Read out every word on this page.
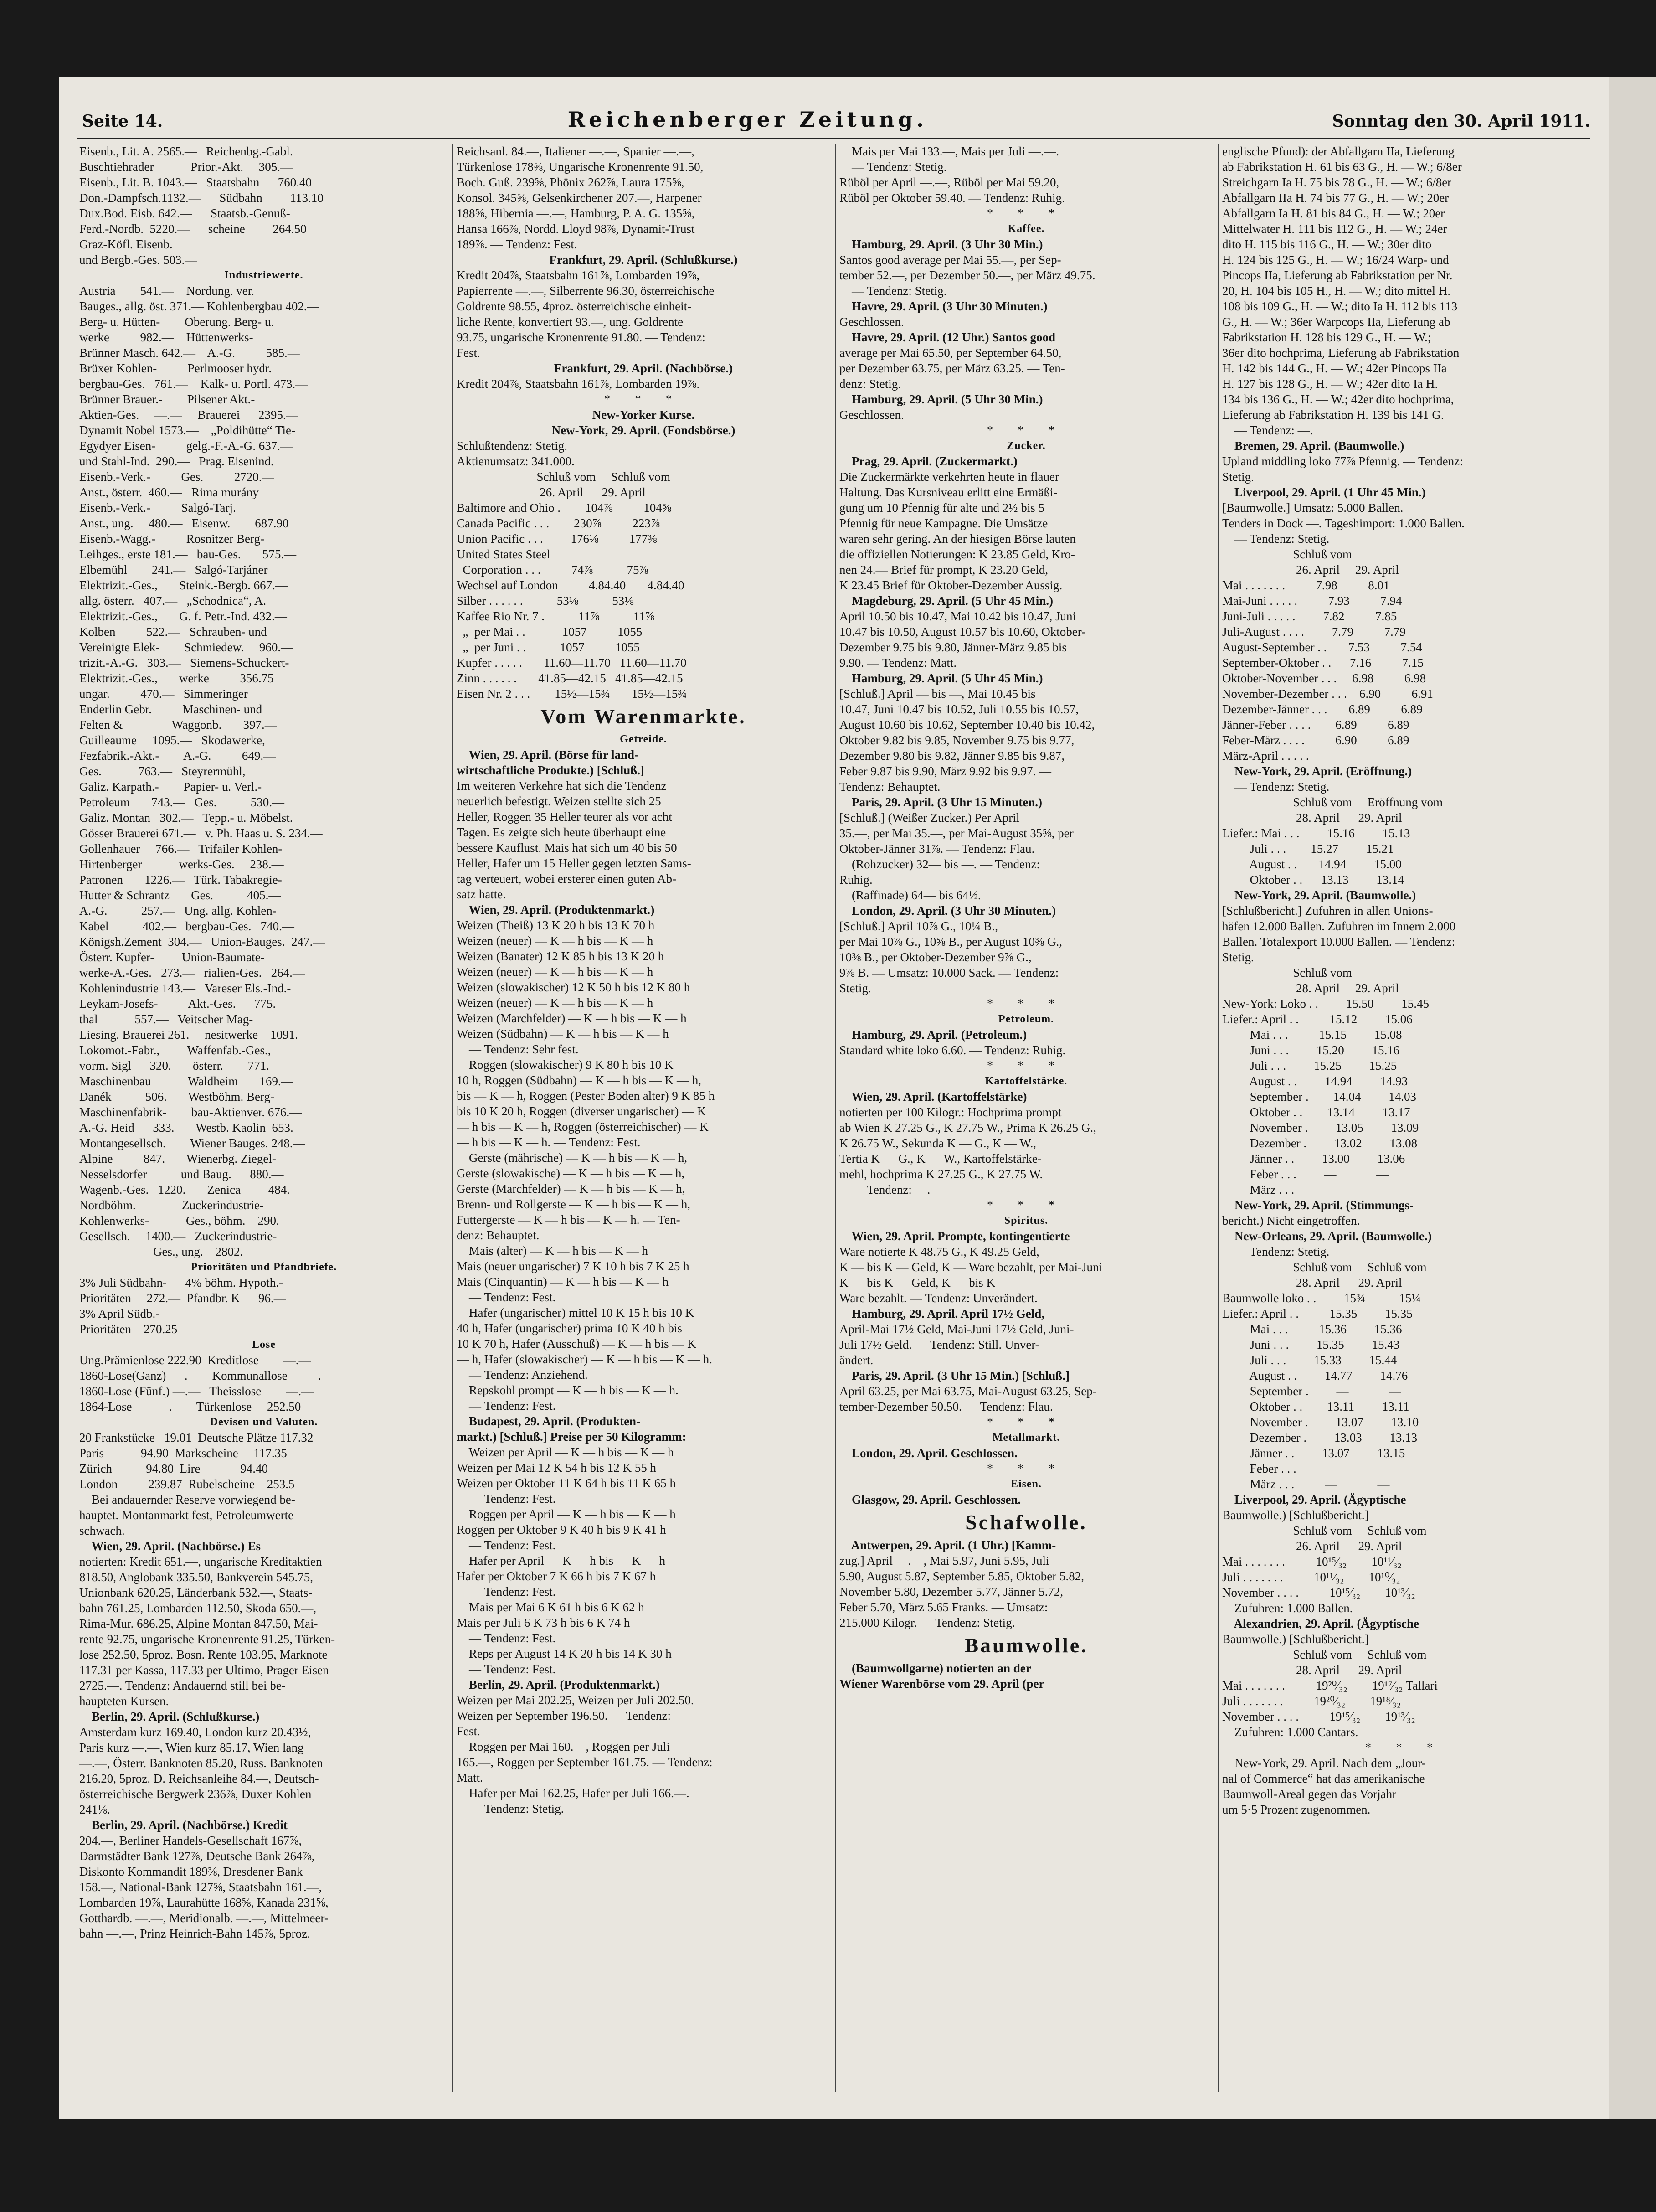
Seite 14.	Reichenberger Zeitung.	Sonntag den 30. April 1911.
Eisenb., Lit. A. 2565.—   Reichenbg.-Gabl.
Buschtiehrader            Prior.-Akt.     305.—
Eisenb., Lit. B. 1043.—   Staatsbahn      760.40
Don.-Dampfsch.1132.—      Südbahn         113.10
Dux.Bod. Eisb. 642.—      Staatsb.-Genuß-
Ferd.-Nordb.  5220.—      scheine         264.50
Graz-Köfl. Eisenb.
und Bergb.-Ges. 503.—
Industriewerte.
Austria        541.—    Nordung. ver.
Bauges., allg. öst. 371.— Kohlenbergbau 402.—
Berg- u. Hütten-        Oberung. Berg- u.
werke          982.—    Hüttenwerks-
Brünner Masch. 642.—    A.-G.          585.—
Brüxer Kohlen-          Perlmooser hydr.
bergbau-Ges.   761.—    Kalk- u. Portl. 473.—
Brünner Brauer.-        Pilsener Akt.-
Aktien-Ges.     —.—     Brauerei      2395.—
Dynamit Nobel 1573.—    „Poldihütte“ Tie-
Egydyer Eisen-          gelg.-F.-A.-G. 637.—
und Stahl-Ind.  290.—   Prag. Eisenind.
Eisenb.-Verk.-          Ges.          2720.—
Anst., österr.  460.—   Rima murány
Eisenb.-Verk.-          Salgó-Tarj.
Anst., ung.     480.—   Eisenw.        687.90
Eisenb.-Wagg.-          Rosnitzer Berg-
Leihges., erste 181.—   bau-Ges.       575.—
Elbemühl        241.—   Salgó-Tarjáner
Elektrizit.-Ges.,       Steink.-Bergb. 667.—
allg. österr.   407.—   „Schodnica“, A.
Elektrizit.-Ges.,       G. f. Petr.-Ind. 432.—
Kolben          522.—   Schrauben- und
Vereinigte Elek-        Schmiedew.     960.—
trizit.-A.-G.   303.—   Siemens-Schuckert-
Elektrizit.-Ges.,       werke          356.75
ungar.          470.—   Simmeringer
Enderlin Gebr.          Maschinen- und
Felten &                Waggonb.       397.—
Guilleaume     1095.—   Skodawerke,
Fezfabrik.-Akt.-        A.-G.          649.—
Ges.            763.—   Steyrermühl,
Galiz. Karpath.-        Papier- u. Verl.-
Petroleum       743.—   Ges.           530.—
Galiz. Montan   302.—   Tepp.- u. Möbelst.
Gösser Brauerei 671.—   v. Ph. Haas u. S. 234.—
Gollenhauer     766.—   Trifailer Kohlen-
Hirtenberger            werks-Ges.     238.—
Patronen       1226.—   Türk. Tabakregie-
Hutter & Schrantz       Ges.           405.—
A.-G.           257.—   Ung. allg. Kohlen-
Kabel           402.—   bergbau-Ges.   740.—
Königsh.Zement  304.—   Union-Bauges.  247.—
Österr. Kupfer-         Union-Baumate-
werke-A.-Ges.   273.—   rialien-Ges.   264.—
Kohlenindustrie 143.—   Vareser Els.-Ind.-
Leykam-Josefs-          Akt.-Ges.      775.—
thal            557.—   Veitscher Mag-
Liesing. Brauerei 261.— nesitwerke    1091.—
Lokomot.-Fabr.,         Waffenfab.-Ges.,
vorm. Sigl      320.—   österr.        771.—
Maschinenbau            Waldheim       169.—
Danék           506.—   Westböhm. Berg-
Maschinenfabrik-        bau-Aktienver. 676.—
A.-G. Heid      333.—   Westb. Kaolin  653.—
Montangesellsch.        Wiener Bauges. 248.—
Alpine          847.—   Wienerbg. Ziegel-
Nesselsdorfer           und Baug.      880.—
Wagenb.-Ges.   1220.—   Zenica         484.—
Nordböhm.               Zuckerindustrie-
Kohlenwerks-            Ges., böhm.    290.—
Gesellsch.     1400.—   Zuckerindustrie-
Ges., ung.    2802.—
Prioritäten und Pfandbriefe.
3% Juli Südbahn-      4% böhm. Hypoth.-
Prioritäten     272.—  Pfandbr. K      96.—
3% April Südb.-
Prioritäten    270.25
Lose
Ung.Prämienlose 222.90  Kreditlose        —.—
1860-Lose(Ganz)  —.—    Kommunallose      —.—
1860-Lose (Fünf.) —.—   Theisslose        —.—
1864-Lose        —.—    Türkenlose     252.50
Devisen und Valuten.
20 Frankstücke   19.01  Deutsche Plätze 117.32
Paris            94.90  Markscheine     117.35
Zürich           94.80  Lire             94.40
London          239.87  Rubelscheine    253.5
Bei andauernder Reserve vorwiegend be-
hauptet. Montanmarkt fest, Petroleumwerte
schwach.
Wien, 29. April. (Nachbörse.) Es
notierten: Kredit 651.—, ungarische Kreditaktien
818.50, Anglobank 335.50, Bankverein 545.75,
Unionbank 620.25, Länderbank 532.—, Staats-
bahn 761.25, Lombarden 112.50, Skoda 650.—,
Rima-Mur. 686.25, Alpine Montan 847.50, Mai-
rente 92.75, ungarische Kronenrente 91.25, Türken-
lose 252.50, 5proz. Bosn. Rente 103.95, Marknote
117.31 per Kassa, 117.33 per Ultimo, Prager Eisen
2725.—. Tendenz: Andauernd still bei be-
haupteten Kursen.
Berlin, 29. April. (Schlußkurse.)
Amsterdam kurz 169.40, London kurz 20.43½,
Paris kurz —.—, Wien kurz 85.17, Wien lang
—.—, Österr. Banknoten 85.20, Russ. Banknoten
216.20, 5proz. D. Reichsanleihe 84.—, Deutsch-
österreichische Bergwerk 236⅞, Duxer Kohlen
241⅛.
Berlin, 29. April. (Nachbörse.) Kredit
204.—, Berliner Handels-Gesellschaft 167⅞,
Darmstädter Bank 127⅞, Deutsche Bank 264⅞,
Diskonto Kommandit 189⅜, Dresdener Bank
158.—, National-Bank 127⅝, Staatsbahn 161.—,
Lombarden 19⅞, Laurahütte 168⅝, Kanada 231⅝,
Gotthardb. —.—, Meridionalb. —.—, Mittelmeer-
bahn —.—, Prinz Heinrich-Bahn 145⅞, 5proz.
Reichsanl. 84.—, Italiener —.—, Spanier —.—,
Türkenlose 178⅝, Ungarische Kronenrente 91.50,
Boch. Guß. 239⅝, Phönix 262⅞, Laura 175⅝,
Konsol. 345⅝, Gelsenkirchener 207.—, Harpener
188⅝, Hibernia —.—, Hamburg, P. A. G. 135⅝,
Hansa 166⅞, Nordd. Lloyd 98⅞, Dynamit-Trust
189⅞. — Tendenz: Fest.
Frankfurt, 29. April. (Schlußkurse.)
Kredit 204⅞, Staatsbahn 161⅞, Lombarden 19⅞,
Papierrente —.—, Silberrente 96.30, österreichische
Goldrente 98.55, 4proz. österreichische einheit-
liche Rente, konvertiert 93.—, ung. Goldrente
93.75, ungarische Kronenrente 91.80. — Tendenz:
Fest.
Frankfurt, 29. April. (Nachbörse.)
Kredit 204⅞, Staatsbahn 161⅞, Lombarden 19⅞.
* * *
New-Yorker Kurse.
New-York, 29. April. (Fondsbörse.)
Schlußtendenz: Stetig.
Aktienumsatz: 341.000.
Schluß vom     Schluß vom
26. April      29. April
Baltimore and Ohio .        104⅞          104⅝
Canada Pacific . . .        230⅞          223⅞
Union Pacific . . .         176⅛          177⅜
United States Steel
Corporation . . .          74⅞           75⅞
Wechsel auf London          4.84.40       4.84.40
Silber . . . . . .           53⅛           53⅛
Kaffee Rio Nr. 7 .           11⅞           11⅞
„  per Mai . .            1057          1055
„  per Juni . .           1057          1055
Kupfer . . . . .       11.60—11.70   11.60—11.70
Zinn . . . . . .       41.85—42.15   41.85—42.15
Eisen Nr. 2 . . .        15½—15¾       15½—15¾
Vom Warenmarkte.
Getreide.
Wien, 29. April. (Börse für land-
wirtschaftliche Produkte.) [Schluß.]
Im weiteren Verkehre hat sich die Tendenz
neuerlich befestigt. Weizen stellte sich 25
Heller, Roggen 35 Heller teurer als vor acht
Tagen. Es zeigte sich heute überhaupt eine
bessere Kauflust. Mais hat sich um 40 bis 50
Heller, Hafer um 15 Heller gegen letzten Sams-
tag verteuert, wobei ersterer einen guten Ab-
satz hatte.
Wien, 29. April. (Produktenmarkt.)
Weizen (Theiß) 13 K 20 h bis 13 K 70 h
Weizen (neuer) — K — h bis — K — h
Weizen (Banater) 12 K 85 h bis 13 K 20 h
Weizen (neuer) — K — h bis — K — h
Weizen (slowakischer) 12 K 50 h bis 12 K 80 h
Weizen (neuer) — K — h bis — K — h
Weizen (Marchfelder) — K — h bis — K — h
Weizen (Südbahn) — K — h bis — K — h
— Tendenz: Sehr fest.
Roggen (slowakischer) 9 K 80 h bis 10 K
10 h, Roggen (Südbahn) — K — h bis — K — h,
bis — K — h, Roggen (Pester Boden alter) 9 K 85 h
bis 10 K 20 h, Roggen (diverser ungarischer) — K
— h bis — K — h, Roggen (österreichischer) — K
— h bis — K — h. — Tendenz: Fest.
Gerste (mährische) — K — h bis — K — h,
Gerste (slowakische) — K — h bis — K — h,
Gerste (Marchfelder) — K — h bis — K — h,
Brenn- und Rollgerste — K — h bis — K — h,
Futtergerste — K — h bis — K — h. — Ten-
denz: Behauptet.
Mais (alter) — K — h bis — K — h
Mais (neuer ungarischer) 7 K 10 h bis 7 K 25 h
Mais (Cinquantin) — K — h bis — K — h
— Tendenz: Fest.
Hafer (ungarischer) mittel 10 K 15 h bis 10 K
40 h, Hafer (ungarischer) prima 10 K 40 h bis
10 K 70 h, Hafer (Ausschuß) — K — h bis — K
— h, Hafer (slowakischer) — K — h bis — K — h.
— Tendenz: Anziehend.
Repskohl prompt — K — h bis — K — h.
— Tendenz: Fest.
Budapest, 29. April. (Produkten-
markt.) [Schluß.] Preise per 50 Kilogramm:
Weizen per April — K — h bis — K — h
Weizen per Mai 12 K 54 h bis 12 K 55 h
Weizen per Oktober 11 K 64 h bis 11 K 65 h
— Tendenz: Fest.
Roggen per April — K — h bis — K — h
Roggen per Oktober 9 K 40 h bis 9 K 41 h
— Tendenz: Fest.
Hafer per April — K — h bis — K — h
Hafer per Oktober 7 K 66 h bis 7 K 67 h
— Tendenz: Fest.
Mais per Mai 6 K 61 h bis 6 K 62 h
Mais per Juli 6 K 73 h bis 6 K 74 h
— Tendenz: Fest.
Reps per August 14 K 20 h bis 14 K 30 h
— Tendenz: Fest.
Berlin, 29. April. (Produktenmarkt.)
Weizen per Mai 202.25, Weizen per Juli 202.50.
Weizen per September 196.50. — Tendenz:
Fest.
Roggen per Mai 160.—, Roggen per Juli
165.—, Roggen per September 161.75. — Tendenz:
Matt.
Hafer per Mai 162.25, Hafer per Juli 166.—.
— Tendenz: Stetig.
Mais per Mai 133.—, Mais per Juli —.—.
— Tendenz: Stetig.
Rüböl per April —.—, Rüböl per Mai 59.20,
Rüböl per Oktober 59.40. — Tendenz: Ruhig.
* * *
Kaffee.
Hamburg, 29. April. (3 Uhr 30 Min.)
Santos good average per Mai 55.—, per Sep-
tember 52.—, per Dezember 50.—, per März 49.75.
— Tendenz: Stetig.
Havre, 29. April. (3 Uhr 30 Minuten.)
Geschlossen.
Havre, 29. April. (12 Uhr.) Santos good
average per Mai 65.50, per September 64.50,
per Dezember 63.75, per März 63.25. — Ten-
denz: Stetig.
Hamburg, 29. April. (5 Uhr 30 Min.)
Geschlossen.
* * *
Zucker.
Prag, 29. April. (Zuckermarkt.)
Die Zuckermärkte verkehrten heute in flauer
Haltung. Das Kursniveau erlitt eine Ermäßi-
gung um 10 Pfennig für alte und 2½ bis 5
Pfennig für neue Kampagne. Die Umsätze
waren sehr gering. An der hiesigen Börse lauten
die offiziellen Notierungen: K 23.85 Geld, Kro-
nen 24.— Brief für prompt, K 23.20 Geld,
K 23.45 Brief für Oktober-Dezember Aussig.
Magdeburg, 29. April. (5 Uhr 45 Min.)
April 10.50 bis 10.47, Mai 10.42 bis 10.47, Juni
10.47 bis 10.50, August 10.57 bis 10.60, Oktober-
Dezember 9.75 bis 9.80, Jänner-März 9.85 bis
9.90. — Tendenz: Matt.
Hamburg, 29. April. (5 Uhr 45 Min.)
[Schluß.] April — bis —, Mai 10.45 bis
10.47, Juni 10.47 bis 10.52, Juli 10.55 bis 10.57,
August 10.60 bis 10.62, September 10.40 bis 10.42,
Oktober 9.82 bis 9.85, November 9.75 bis 9.77,
Dezember 9.80 bis 9.82, Jänner 9.85 bis 9.87,
Feber 9.87 bis 9.90, März 9.92 bis 9.97. —
Tendenz: Behauptet.
Paris, 29. April. (3 Uhr 15 Minuten.)
[Schluß.] (Weißer Zucker.) Per April
35.—, per Mai 35.—, per Mai-August 35⅝, per
Oktober-Jänner 31⅞. — Tendenz: Flau.
(Rohzucker) 32— bis —. — Tendenz:
Ruhig.
(Raffinade) 64— bis 64½.
London, 29. April. (3 Uhr 30 Minuten.)
[Schluß.] April 10⅞ G., 10¼ B.,
per Mai 10⅞ G., 10⅝ B., per August 10⅜ G.,
10⅜ B., per Oktober-Dezember 9⅞ G.,
9⅞ B. — Umsatz: 10.000 Sack. — Tendenz:
Stetig.
* * *
Petroleum.
Hamburg, 29. April. (Petroleum.)
Standard white loko 6.60. — Tendenz: Ruhig.
* * *
Kartoffelstärke.
Wien, 29. April. (Kartoffelstärke)
notierten per 100 Kilogr.: Hochprima prompt
ab Wien K 27.25 G., K 27.75 W., Prima K 26.25 G.,
K 26.75 W., Sekunda K — G., K — W.,
Tertia K — G., K — W., Kartoffelstärke-
mehl, hochprima K 27.25 G., K 27.75 W.
— Tendenz: —.
* * *
Spiritus.
Wien, 29. April. Prompte, kontingentierte
Ware notierte K 48.75 G., K 49.25 Geld,
K — bis K — Geld, K — Ware bezahlt, per Mai-Juni
K — bis K — Geld, K — bis K —
Ware bezahlt. — Tendenz: Unverändert.
Hamburg, 29. April. April 17½ Geld,
April-Mai 17½ Geld, Mai-Juni 17½ Geld, Juni-
Juli 17½ Geld. — Tendenz: Still. Unver-
ändert.
Paris, 29. April. (3 Uhr 15 Min.) [Schluß.]
April 63.25, per Mai 63.75, Mai-August 63.25, Sep-
tember-Dezember 50.50. — Tendenz: Flau.
* * *
Metallmarkt.
London, 29. April. Geschlossen.
* * *
Eisen.
Glasgow, 29. April. Geschlossen.
Schafwolle.
Antwerpen, 29. April. (1 Uhr.) [Kamm-
zug.] April —.—, Mai 5.97, Juni 5.95, Juli
5.90, August 5.87, September 5.85, Oktober 5.82,
November 5.80, Dezember 5.77, Jänner 5.72,
Feber 5.70, März 5.65 Franks. — Umsatz:
215.000 Kilogr. — Tendenz: Stetig.
Baumwolle.
(Baumwollgarne) notierten an der
Wiener Warenbörse vom 29. April (per
englische Pfund): der Abfallgarn IIa, Lieferung
ab Fabrikstation H. 61 bis 63 G., H. — W.; 6/8er
Streichgarn Ia H. 75 bis 78 G., H. — W.; 6/8er
Abfallgarn IIa H. 74 bis 77 G., H. — W.; 20er
Abfallgarn Ia H. 81 bis 84 G., H. — W.; 20er
Mittelwater H. 111 bis 112 G., H. — W.; 24er
dito H. 115 bis 116 G., H. — W.; 30er dito
H. 124 bis 125 G., H. — W.; 16/24 Warp- und
Pincops IIa, Lieferung ab Fabrikstation per Nr.
20, H. 104 bis 105 H., H. — W.; dito mittel H.
108 bis 109 G., H. — W.; dito Ia H. 112 bis 113
G., H. — W.; 36er Warpcops IIa, Lieferung ab
Fabrikstation H. 128 bis 129 G., H. — W.;
36er dito hochprima, Lieferung ab Fabrikstation
H. 142 bis 144 G., H. — W.; 42er Pincops IIa
H. 127 bis 128 G., H. — W.; 42er dito Ia H.
134 bis 136 G., H. — W.; 42er dito hochprima,
Lieferung ab Fabrikstation H. 139 bis 141 G.
— Tendenz: —.
Bremen, 29. April. (Baumwolle.)
Upland middling loko 77⅞ Pfennig. — Tendenz:
Stetig.
Liverpool, 29. April. (1 Uhr 45 Min.)
[Baumwolle.] Umsatz: 5.000 Ballen.
Tenders in Dock —. Tageshimport: 1.000 Ballen.
— Tendenz: Stetig.
Schluß vom
26. April     29. April
Mai . . . . . . .          7.98          8.01
Mai-Juni . . . . .          7.93          7.94
Juni-Juli . . . . .         7.82          7.85
Juli-August . . . .         7.79          7.79
August-September . .       7.53          7.54
September-Oktober . .      7.16          7.15
Oktober-November . . .     6.98          6.98
November-Dezember . . .    6.90          6.91
Dezember-Jänner . . .       6.89          6.89
Jänner-Feber . . . .        6.89          6.89
Feber-März . . . .          6.90          6.89
März-April . . . . .
New-York, 29. April. (Eröffnung.)
— Tendenz: Stetig.
Schluß vom     Eröffnung vom
28. April      29. April
Liefer.: Mai . . .         15.16         15.13
Juli . . .        15.27         15.21
August . .       14.94         15.00
Oktober . .      13.13         13.14
New-York, 29. April. (Baumwolle.)
[Schlußbericht.] Zufuhren in allen Unions-
häfen 12.000 Ballen. Zufuhren im Innern 2.000
Ballen. Totalexport 10.000 Ballen. — Tendenz:
Stetig.
Schluß vom
28. April     29. April
New-York: Loko . .         15.50         15.45
Liefer.: April . .          15.12         15.06
Mai . . .          15.15         15.08
Juni . . .         15.20         15.16
Juli . . .         15.25         15.25
August . .         14.94         14.93
September .        14.04         14.03
Oktober . .        13.14         13.17
November .         13.05         13.09
Dezember .         13.02         13.08
Jänner . .         13.00         13.06
Feber . . .         —             —
März . . .          —             —
New-York, 29. April. (Stimmungs-
bericht.) Nicht eingetroffen.
New-Orleans, 29. April. (Baumwolle.)
— Tendenz: Stetig.
Schluß vom     Schluß vom
28. April      29. April
Baumwolle loko . .         15¾           15¼
Liefer.: April . .          15.35         15.35
Mai . . .          15.36         15.36
Juni . . .         15.35         15.43
Juli . . .         15.33         15.44
August . .         14.77         14.76
September .         —             —
Oktober . .        13.11         13.11
November .         13.07         13.10
Dezember .         13.03         13.13
Jänner . .         13.07         13.15
Feber . . .         —             —
März . . .          —             —
Liverpool, 29. April. (Ägyptische
Baumwolle.) [Schlußbericht.]
Schluß vom     Schluß vom
26. April      29. April
Mai . . . . . . .          10¹⁵⁄₃₂        10¹¹⁄₃₂
Juli . . . . . . .          10¹¹⁄₃₂        10¹⁰⁄₃₂
November . . . .          10¹⁵⁄₃₂        10¹³⁄₃₂
Zufuhren: 1.000 Ballen.
Alexandrien, 29. April. (Ägyptische
Baumwolle.) [Schlußbericht.]
Schluß vom     Schluß vom
28. April      29. April
Mai . . . . . . .          19²⁰⁄₃₂        19¹⁷⁄₃₂ Tallari
Juli . . . . . . .          19²⁰⁄₃₂        19¹⁸⁄₃₂
November . . . .          19¹⁵⁄₃₂        19¹³⁄₃₂
Zufuhren: 1.000 Cantars.
* * *
New-York, 29. April. Nach dem „Jour-
nal of Commerce“ hat das amerikanische
Baumwoll-Areal gegen das Vorjahr
um 5·5 Prozent zugenommen.
